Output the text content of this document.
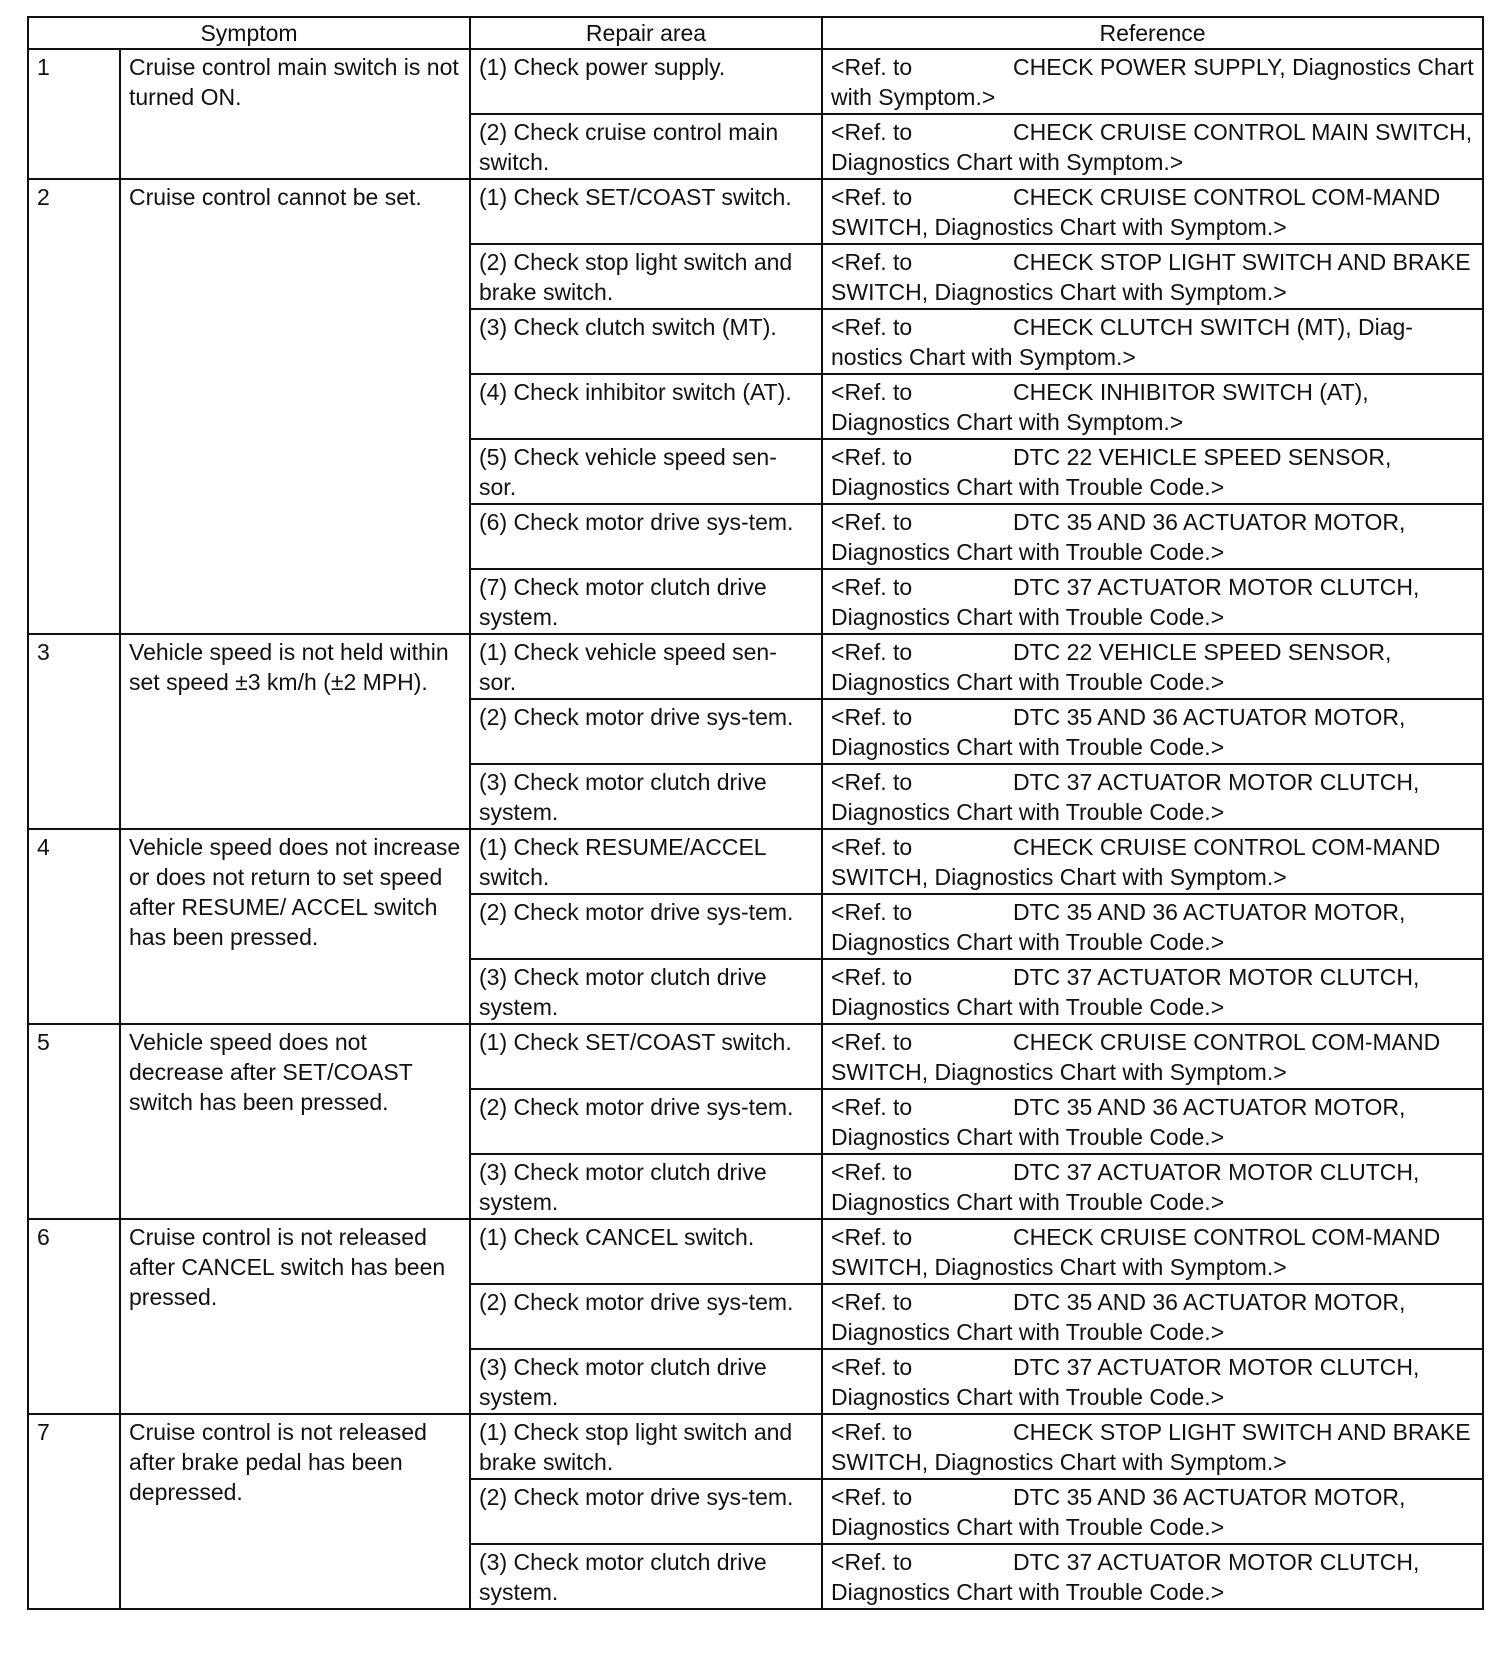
Symptom		Repair area	Reference
1	Cruise control main switch is not turned ON.	(1) Check power supply.	<Ref. to CHECK POWER SUPPLY, Diagnostics Chart with Symptom.>
		(2) Check cruise control main switch.	<Ref. to CHECK CRUISE CONTROL MAIN SWITCH, Diagnostics Chart with Symptom.>
2	Cruise control cannot be set.	(1) Check SET/COAST switch.	<Ref. to CHECK CRUISE CONTROL COM-MAND SWITCH, Diagnostics Chart with Symptom.>
		(2) Check stop light switch and brake switch.	<Ref. to CHECK STOP LIGHT SWITCH AND BRAKE SWITCH, Diagnostics Chart with Symptom.>
		(3) Check clutch switch (MT).	<Ref. to CHECK CLUTCH SWITCH (MT), Diag-nostics Chart with Symptom.>
		(4) Check inhibitor switch (AT).	<Ref. to CHECK INHIBITOR SWITCH (AT), Diagnostics Chart with Symptom.>
		(5) Check vehicle speed sen-sor.	<Ref. to DTC 22 VEHICLE SPEED SENSOR, Diagnostics Chart with Trouble Code.>
		(6) Check motor drive sys-tem.	<Ref. to DTC 35 AND 36 ACTUATOR MOTOR, Diagnostics Chart with Trouble Code.>
		(7) Check motor clutch drive system.	<Ref. to DTC 37 ACTUATOR MOTOR CLUTCH, Diagnostics Chart with Trouble Code.>
3	Vehicle speed is not held within set speed ±3 km/h (±2 MPH).	(1) Check vehicle speed sen-sor.	<Ref. to DTC 22 VEHICLE SPEED SENSOR, Diagnostics Chart with Trouble Code.>
		(2) Check motor drive sys-tem.	<Ref. to DTC 35 AND 36 ACTUATOR MOTOR, Diagnostics Chart with Trouble Code.>
		(3) Check motor clutch drive system.	<Ref. to DTC 37 ACTUATOR MOTOR CLUTCH, Diagnostics Chart with Trouble Code.>
4	Vehicle speed does not increase or does not return to set speed after RESUME/ ACCEL switch has been pressed.	(1) Check RESUME/ACCEL switch.	<Ref. to CHECK CRUISE CONTROL COM-MAND SWITCH, Diagnostics Chart with Symptom.>
		(2) Check motor drive sys-tem.	<Ref. to DTC 35 AND 36 ACTUATOR MOTOR, Diagnostics Chart with Trouble Code.>
		(3) Check motor clutch drive system.	<Ref. to DTC 37 ACTUATOR MOTOR CLUTCH, Diagnostics Chart with Trouble Code.>
5	Vehicle speed does not decrease after SET/COAST switch has been pressed.	(1) Check SET/COAST switch.	<Ref. to CHECK CRUISE CONTROL COM-MAND SWITCH, Diagnostics Chart with Symptom.>
		(2) Check motor drive sys-tem.	<Ref. to DTC 35 AND 36 ACTUATOR MOTOR, Diagnostics Chart with Trouble Code.>
		(3) Check motor clutch drive system.	<Ref. to DTC 37 ACTUATOR MOTOR CLUTCH, Diagnostics Chart with Trouble Code.>
6	Cruise control is not released after CANCEL switch has been pressed.	(1) Check CANCEL switch.	<Ref. to CHECK CRUISE CONTROL COM-MAND SWITCH, Diagnostics Chart with Symptom.>
		(2) Check motor drive sys-tem.	<Ref. to DTC 35 AND 36 ACTUATOR MOTOR, Diagnostics Chart with Trouble Code.>
		(3) Check motor clutch drive system.	<Ref. to DTC 37 ACTUATOR MOTOR CLUTCH, Diagnostics Chart with Trouble Code.>
7	Cruise control is not released after brake pedal has been depressed.	(1) Check stop light switch and brake switch.	<Ref. to CHECK STOP LIGHT SWITCH AND BRAKE SWITCH, Diagnostics Chart with Symptom.>
		(2) Check motor drive sys-tem.	<Ref. to DTC 35 AND 36 ACTUATOR MOTOR, Diagnostics Chart with Trouble Code.>
		(3) Check motor clutch drive system.	<Ref. to DTC 37 ACTUATOR MOTOR CLUTCH, Diagnostics Chart with Trouble Code.>
